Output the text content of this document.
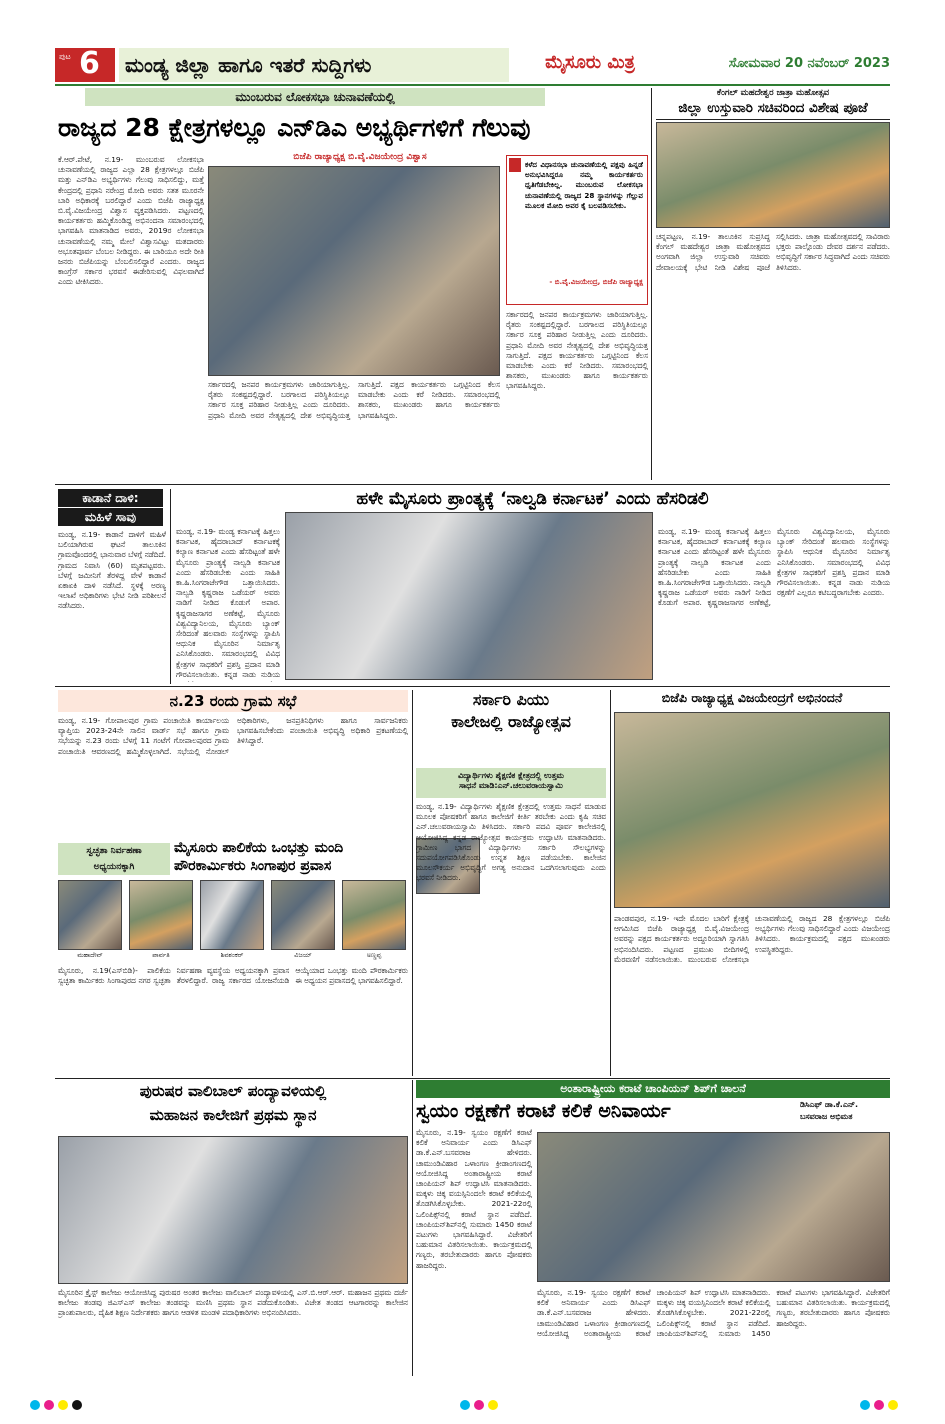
ಪುಟ 6	ಮಂಡ್ಯ ಜಿಲ್ಲಾ ಹಾಗೂ ಇತರೆ ಸುದ್ದಿಗಳು	ಮೈಸೂರು ಮಿತ್ರ	ಸೋಮವಾರ 20 ನವೆಂಬರ್ 2023
ಮುಂಬರುವ ಲೋಕಸಭಾ ಚುನಾವಣೆಯಲ್ಲಿ
ರಾಜ್ಯದ 28 ಕ್ಷೇತ್ರಗಳಲ್ಲೂ ಎನ್‌ಡಿಎ ಅಭ್ಯರ್ಥಿಗಳಿಗೆ ಗೆಲುವು
ಬಿಜೆಪಿ ರಾಜ್ಯಾಧ್ಯಕ್ಷ ಬಿ.ವೈ.ವಿಜಯೇಂದ್ರ ವಿಶ್ವಾಸ
ಕೆ.ಆರ್.ಪೇಟೆ, ನ.19- ಮುಂಬರುವ ಲೋಕಸಭಾ ಚುನಾವಣೆಯಲ್ಲಿ ರಾಜ್ಯದ ಎಲ್ಲಾ 28 ಕ್ಷೇತ್ರಗಳಲ್ಲೂ ಬಿಜೆಪಿ ಮತ್ತು ಎನ್‌ಡಿಎ ಅಭ್ಯರ್ಥಿಗಳು ಗೆಲುವು ಸಾಧಿಸಲಿದ್ದು, ಮತ್ತೆ ಕೇಂದ್ರದಲ್ಲಿ ಪ್ರಧಾನಿ ನರೇಂದ್ರ ಮೋದಿ ಅವರು ಸತತ ಮೂರನೇ ಬಾರಿ ಅಧಿಕಾರಕ್ಕೆ ಬರಲಿದ್ದಾರೆ ಎಂದು ಬಿಜೆಪಿ ರಾಜ್ಯಾಧ್ಯಕ್ಷ ಬಿ.ವೈ.ವಿಜಯೇಂದ್ರ ವಿಶ್ವಾಸ ವ್ಯಕ್ತಪಡಿಸಿದರು. ಪಟ್ಟಣದಲ್ಲಿ ಕಾರ್ಯಕರ್ತರು ಹಮ್ಮಿಕೊಂಡಿದ್ದ ಅಭಿನಂದನಾ ಸಮಾರಂಭದಲ್ಲಿ ಭಾಗವಹಿಸಿ ಮಾತನಾಡಿದ ಅವರು, 2019ರ ಲೋಕಸಭಾ ಚುನಾವಣೆಯಲ್ಲಿ ನಮ್ಮ ಮೇಲೆ ವಿಶ್ವಾಸವಿಟ್ಟು ಮತದಾರರು ಅಭೂತಪೂರ್ವ ಬೆಂಬಲ ನೀಡಿದ್ದರು. ಈ ಬಾರಿಯೂ ಅದೇ ರೀತಿ ಜನರು ಬಿಜೆಪಿಯನ್ನು ಬೆಂಬಲಿಸಲಿದ್ದಾರೆ ಎಂದರು. ರಾಜ್ಯದ ಕಾಂಗ್ರೆಸ್ ಸರ್ಕಾರ ಭರವಸೆ ಈಡೇರಿಸುವಲ್ಲಿ ವಿಫಲವಾಗಿದೆ ಎಂದು ಟೀಕಿಸಿದರು.
ಸರ್ಕಾರದಲ್ಲಿ ಜನಪರ ಕಾರ್ಯಕ್ರಮಗಳು ಜಾರಿಯಾಗುತ್ತಿಲ್ಲ. ರೈತರು ಸಂಕಷ್ಟದಲ್ಲಿದ್ದಾರೆ. ಬರಗಾಲದ ಪರಿಸ್ಥಿತಿಯಲ್ಲೂ ಸರ್ಕಾರ ಸೂಕ್ತ ಪರಿಹಾರ ನೀಡುತ್ತಿಲ್ಲ ಎಂದು ದೂರಿದರು. ಪ್ರಧಾನಿ ಮೋದಿ ಅವರ ನೇತೃತ್ವದಲ್ಲಿ ದೇಶ ಅಭಿವೃದ್ಧಿಯತ್ತ ಸಾಗುತ್ತಿದೆ. ಪಕ್ಷದ ಕಾರ್ಯಕರ್ತರು ಒಗ್ಗಟ್ಟಿನಿಂದ ಕೆಲಸ ಮಾಡಬೇಕು ಎಂದು ಕರೆ ನೀಡಿದರು. ಸಮಾರಂಭದಲ್ಲಿ ಶಾಸಕರು, ಮುಖಂಡರು ಹಾಗೂ ಕಾರ್ಯಕರ್ತರು ಭಾಗವಹಿಸಿದ್ದರು.
ಕಳೆದ ವಿಧಾನಸಭಾ ಚುನಾವಣೆಯಲ್ಲಿ ಪಕ್ಷವು ಹಿನ್ನಡೆ ಅನುಭವಿಸಿದ್ದರೂ ನಮ್ಮ ಕಾರ್ಯಕರ್ತರು ಧೃತಿಗೆಡಬೇಕಿಲ್ಲ. ಮುಂಬರುವ ಲೋಕಸಭಾ ಚುನಾವಣೆಯಲ್ಲಿ ರಾಜ್ಯದ 28 ಸ್ಥಾನಗಳನ್ನು ಗೆಲ್ಲುವ ಮೂಲಕ ಮೋದಿ ಅವರ ಕೈ ಬಲಪಡಿಸಬೇಕು.
- ಬಿ.ವೈ.ವಿಜಯೇಂದ್ರ, ಬಿಜೆಪಿ ರಾಜ್ಯಾಧ್ಯಕ್ಷ
ಸರ್ಕಾರದಲ್ಲಿ ಜನಪರ ಕಾರ್ಯಕ್ರಮಗಳು ಜಾರಿಯಾಗುತ್ತಿಲ್ಲ. ರೈತರು ಸಂಕಷ್ಟದಲ್ಲಿದ್ದಾರೆ. ಬರಗಾಲದ ಪರಿಸ್ಥಿತಿಯಲ್ಲೂ ಸರ್ಕಾರ ಸೂಕ್ತ ಪರಿಹಾರ ನೀಡುತ್ತಿಲ್ಲ ಎಂದು ದೂರಿದರು. ಪ್ರಧಾನಿ ಮೋದಿ ಅವರ ನೇತೃತ್ವದಲ್ಲಿ ದೇಶ ಅಭಿವೃದ್ಧಿಯತ್ತ ಸಾಗುತ್ತಿದೆ. ಪಕ್ಷದ ಕಾರ್ಯಕರ್ತರು ಒಗ್ಗಟ್ಟಿನಿಂದ ಕೆಲಸ ಮಾಡಬೇಕು ಎಂದು ಕರೆ ನೀಡಿದರು. ಸಮಾರಂಭದಲ್ಲಿ ಶಾಸಕರು, ಮುಖಂಡರು ಹಾಗೂ ಕಾರ್ಯಕರ್ತರು ಭಾಗವಹಿಸಿದ್ದರು.
ಕೆಂಗಲ್ ಮಹದೇಶ್ವರ ಜಾತ್ರಾ ಮಹೋತ್ಸವ
ಜಿಲ್ಲಾ ಉಸ್ತುವಾರಿ ಸಚಿವರಿಂದ ವಿಶೇಷ ಪೂಜೆ
ಚನ್ನಪಟ್ಟಣ, ನ.19- ತಾಲೂಕಿನ ಸುಪ್ರಸಿದ್ಧ ಕೆಂಗಲ್ ಮಹದೇಶ್ವರ ಜಾತ್ರಾ ಮಹೋತ್ಸವದ ಅಂಗವಾಗಿ ಜಿಲ್ಲಾ ಉಸ್ತುವಾರಿ ಸಚಿವರು ದೇವಾಲಯಕ್ಕೆ ಭೇಟಿ ನೀಡಿ ವಿಶೇಷ ಪೂಜೆ ಸಲ್ಲಿಸಿದರು. ಜಾತ್ರಾ ಮಹೋತ್ಸವದಲ್ಲಿ ಸಾವಿರಾರು ಭಕ್ತರು ಪಾಲ್ಗೊಂಡು ದೇವರ ದರ್ಶನ ಪಡೆದರು. ಅಭಿವೃದ್ಧಿಗೆ ಸರ್ಕಾರ ಸಿದ್ಧವಾಗಿದೆ ಎಂದು ಸಚಿವರು ತಿಳಿಸಿದರು.
ಕಾಡಾನೆ ದಾಳಿ:
ಮಹಿಳೆ ಸಾವು
ಮಂಡ್ಯ, ನ.19- ಕಾಡಾನೆ ದಾಳಿಗೆ ಮಹಿಳೆ ಬಲಿಯಾಗಿರುವ ಘಟನೆ ತಾಲೂಕಿನ ಗ್ರಾಮವೊಂದರಲ್ಲಿ ಭಾನುವಾರ ಬೆಳಗ್ಗೆ ನಡೆದಿದೆ. ಗ್ರಾಮದ ನಿವಾಸಿ (60) ಮೃತಪಟ್ಟವರು. ಬೆಳಗ್ಗೆ ಜಮೀನಿಗೆ ತೆರಳಿದ್ದ ವೇಳೆ ಕಾಡಾನೆ ಏಕಾಏಕಿ ದಾಳಿ ನಡೆಸಿದೆ. ಸ್ಥಳಕ್ಕೆ ಅರಣ್ಯ ಇಲಾಖೆ ಅಧಿಕಾರಿಗಳು ಭೇಟಿ ನೀಡಿ ಪರಿಶೀಲನೆ ನಡೆಸಿದರು.
ಹಳೇ ಮೈಸೂರು ಪ್ರಾಂತ್ಯಕ್ಕೆ ‘ನಾಲ್ವಡಿ ಕರ್ನಾಟಕ’ ಎಂದು ಹೆಸರಿಡಲಿ
ಮಂಡ್ಯ, ನ.19- ಮಂಡ್ಯ ಕರ್ನಾಟಕ್ಕೆ ಹಿತ್ತಲು ಕರ್ನಾಟಕ, ಹೈದರಾಬಾದ್ ಕರ್ನಾಟಕಕ್ಕೆ ಕಲ್ಯಾಣ ಕರ್ನಾಟಕ ಎಂದು ಹೆಸರಿಟ್ಟಂತೆ ಹಳೇ ಮೈಸೂರು ಪ್ರಾಂತ್ಯಕ್ಕೆ ನಾಲ್ವಡಿ ಕರ್ನಾಟಕ ಎಂದು ಹೆಸರಿಡಬೇಕು ಎಂದು ಸಾಹಿತಿ ಕಾ.ಹಿ.ಸಿಂಗರಾಜೇಗೌಡ ಒತ್ತಾಯಿಸಿದರು. ನಾಲ್ವಡಿ ಕೃಷ್ಣರಾಜ ಒಡೆಯರ್ ಅವರು ನಾಡಿಗೆ ನೀಡಿದ ಕೊಡುಗೆ ಅಪಾರ. ಕೃಷ್ಣರಾಜಸಾಗರ ಅಣೆಕಟ್ಟೆ, ಮೈಸೂರು ವಿಶ್ವವಿದ್ಯಾನಿಲಯ, ಮೈಸೂರು ಬ್ಯಾಂಕ್ ಸೇರಿದಂತೆ ಹಲವಾರು ಸಂಸ್ಥೆಗಳನ್ನು ಸ್ಥಾಪಿಸಿ ಆಧುನಿಕ ಮೈಸೂರಿನ ನಿರ್ಮಾತೃ ಎನಿಸಿಕೊಂಡರು. ಸಮಾರಂಭದಲ್ಲಿ ವಿವಿಧ ಕ್ಷೇತ್ರಗಳ ಸಾಧಕರಿಗೆ ಪ್ರಶಸ್ತಿ ಪ್ರದಾನ ಮಾಡಿ ಗೌರವಿಸಲಾಯಿತು. ಕನ್ನಡ ನಾಡು ನುಡಿಯ
ಮಂಡ್ಯ, ನ.19- ಮಂಡ್ಯ ಕರ್ನಾಟಕ್ಕೆ ಹಿತ್ತಲು ಕರ್ನಾಟಕ, ಹೈದರಾಬಾದ್ ಕರ್ನಾಟಕಕ್ಕೆ ಕಲ್ಯಾಣ ಕರ್ನಾಟಕ ಎಂದು ಹೆಸರಿಟ್ಟಂತೆ ಹಳೇ ಮೈಸೂರು ಪ್ರಾಂತ್ಯಕ್ಕೆ ನಾಲ್ವಡಿ ಕರ್ನಾಟಕ ಎಂದು ಹೆಸರಿಡಬೇಕು ಎಂದು ಸಾಹಿತಿ ಕಾ.ಹಿ.ಸಿಂಗರಾಜೇಗೌಡ ಒತ್ತಾಯಿಸಿದರು. ನಾಲ್ವಡಿ ಕೃಷ್ಣರಾಜ ಒಡೆಯರ್ ಅವರು ನಾಡಿಗೆ ನೀಡಿದ ಕೊಡುಗೆ ಅಪಾರ. ಕೃಷ್ಣರಾಜಸಾಗರ ಅಣೆಕಟ್ಟೆ, ಮೈಸೂರು ವಿಶ್ವವಿದ್ಯಾನಿಲಯ, ಮೈಸೂರು ಬ್ಯಾಂಕ್ ಸೇರಿದಂತೆ ಹಲವಾರು ಸಂಸ್ಥೆಗಳನ್ನು ಸ್ಥಾಪಿಸಿ ಆಧುನಿಕ ಮೈಸೂರಿನ ನಿರ್ಮಾತೃ ಎನಿಸಿಕೊಂಡರು. ಸಮಾರಂಭದಲ್ಲಿ ವಿವಿಧ ಕ್ಷೇತ್ರಗಳ ಸಾಧಕರಿಗೆ ಪ್ರಶಸ್ತಿ ಪ್ರದಾನ ಮಾಡಿ ಗೌರವಿಸಲಾಯಿತು. ಕನ್ನಡ ನಾಡು ನುಡಿಯ ರಕ್ಷಣೆಗೆ ಎಲ್ಲರೂ ಕಟಿಬದ್ಧರಾಗಬೇಕು ಎಂದರು.
ನ.23 ರಂದು ಗ್ರಾಮ ಸಭೆ
ಮಂಡ್ಯ, ನ.19- ಗೋಪಾಲಪುರ ಗ್ರಾಮ ಪಂಚಾಯಿತಿ ಕಾರ್ಯಾಲಯ ವ್ಯಾಪ್ತಿಯ 2023-24ನೇ ಸಾಲಿನ ವಾರ್ಡ್ ಸಭೆ ಹಾಗೂ ಗ್ರಾಮ ಸಭೆಯನ್ನು ನ.23 ರಂದು ಬೆಳಗ್ಗೆ 11 ಗಂಟೆಗೆ ಗೋಪಾಲಪುರದ ಗ್ರಾಮ ಪಂಚಾಯಿತಿ ಆವರಣದಲ್ಲಿ ಹಮ್ಮಿಕೊಳ್ಳಲಾಗಿದೆ. ಸಭೆಯಲ್ಲಿ ನೋಡಲ್ ಅಧಿಕಾರಿಗಳು, ಜನಪ್ರತಿನಿಧಿಗಳು ಹಾಗೂ ಸಾರ್ವಜನಿಕರು ಭಾಗವಹಿಸಬೇಕೆಂದು ಪಂಚಾಯಿತಿ ಅಭಿವೃದ್ಧಿ ಅಧಿಕಾರಿ ಪ್ರಕಟಣೆಯಲ್ಲಿ ತಿಳಿಸಿದ್ದಾರೆ.
ಸ್ವಚ್ಛತಾ ನಿರ್ವಹಣಾ
ಅಧ್ಯಯನಕ್ಕಾಗಿ
ಮೈಸೂರು ಪಾಲಿಕೆಯ ಒಂಭತ್ತು ಮಂದಿ
ಪೌರಕಾರ್ಮಿಕರು ಸಿಂಗಾಪುರ ಪ್ರವಾಸ
ಮಹಾದೇವ್	ಪಾರ್ವತಿ	ಶಿವಶಂಕರ್	ವಿಜಯ್	ಅಣ್ಣಪ್ಪ
ಮೈಸೂರು, ನ.19(ಎಸ್‌ಬಿಡಿ)- ಪಾಲಿಕೆಯ ಸ್ವಚ್ಛತಾ ಕಾರ್ಮಿಕರು ಸಿಂಗಾಪುರದ ನಗರ ಸ್ವಚ್ಛತಾ ನಿರ್ವಹಣಾ ವ್ಯವಸ್ಥೆಯ ಅಧ್ಯಯನಕ್ಕಾಗಿ ಪ್ರವಾಸ ತೆರಳಲಿದ್ದಾರೆ. ರಾಜ್ಯ ಸರ್ಕಾರದ ಯೋಜನೆಯಡಿ ಆಯ್ಕೆಯಾದ ಒಂಭತ್ತು ಮಂದಿ ಪೌರಕಾರ್ಮಿಕರು ಈ ಅಧ್ಯಯನ ಪ್ರವಾಸದಲ್ಲಿ ಭಾಗವಹಿಸಲಿದ್ದಾರೆ.
ಸರ್ಕಾರಿ ಪಿಯು
ಕಾಲೇಜಲ್ಲಿ ರಾಜ್ಯೋತ್ಸವ
ವಿದ್ಯಾರ್ಥಿಗಳು ಶೈಕ್ಷಣಿಕ ಕ್ಷೇತ್ರದಲ್ಲಿ ಉತ್ತಮ
ಸಾಧನೆ ಮಾಡಿ:ಎನ್.ಚಲುವರಾಯಸ್ವಾಮಿ
ಮಂಡ್ಯ, ನ.19- ವಿದ್ಯಾರ್ಥಿಗಳು ಶೈಕ್ಷಣಿಕ ಕ್ಷೇತ್ರದಲ್ಲಿ ಉತ್ತಮ ಸಾಧನೆ ಮಾಡುವ ಮೂಲಕ ಪೋಷಕರಿಗೆ ಹಾಗೂ ಕಾಲೇಜಿಗೆ ಕೀರ್ತಿ ತರಬೇಕು ಎಂದು ಕೃಷಿ ಸಚಿವ ಎನ್.ಚಲುವರಾಯಸ್ವಾಮಿ ತಿಳಿಸಿದರು. ಸರ್ಕಾರಿ ಪದವಿ ಪೂರ್ವ ಕಾಲೇಜಿನಲ್ಲಿ ಆಯೋಜಿಸಿದ್ದ ಕನ್ನಡ ರಾಜ್ಯೋತ್ಸವ ಕಾರ್ಯಕ್ರಮ ಉದ್ಘಾಟಿಸಿ ಮಾತನಾಡಿದರು. ಗ್ರಾಮೀಣ ಭಾಗದ ವಿದ್ಯಾರ್ಥಿಗಳು ಸರ್ಕಾರಿ ಸೌಲಭ್ಯಗಳನ್ನು ಸದುಪಯೋಗಪಡಿಸಿಕೊಂಡು ಉನ್ನತ ಶಿಕ್ಷಣ ಪಡೆಯಬೇಕು. ಕಾಲೇಜಿನ ಮೂಲಸೌಕರ್ಯ ಅಭಿವೃದ್ಧಿಗೆ ಅಗತ್ಯ ಅನುದಾನ ಒದಗಿಸಲಾಗುವುದು ಎಂದು ಭರವಸೆ ನೀಡಿದರು.
ಬಿಜೆಪಿ ರಾಜ್ಯಾಧ್ಯಕ್ಷ ವಿಜಯೇಂದ್ರಗೆ ಅಭಿನಂದನೆ
ಪಾಂಡವಪುರ, ನ.19- ಇದೇ ಮೊದಲ ಬಾರಿಗೆ ಕ್ಷೇತ್ರಕ್ಕೆ ಆಗಮಿಸಿದ ಬಿಜೆಪಿ ರಾಜ್ಯಾಧ್ಯಕ್ಷ ಬಿ.ವೈ.ವಿಜಯೇಂದ್ರ ಅವರನ್ನು ಪಕ್ಷದ ಕಾರ್ಯಕರ್ತರು ಅದ್ದೂರಿಯಾಗಿ ಸ್ವಾಗತಿಸಿ ಅಭಿನಂದಿಸಿದರು. ಪಟ್ಟಣದ ಪ್ರಮುಖ ಬೀದಿಗಳಲ್ಲಿ ಮೆರವಣಿಗೆ ನಡೆಸಲಾಯಿತು. ಮುಂಬರುವ ಲೋಕಸಭಾ ಚುನಾವಣೆಯಲ್ಲಿ ರಾಜ್ಯದ 28 ಕ್ಷೇತ್ರಗಳಲ್ಲೂ ಬಿಜೆಪಿ ಅಭ್ಯರ್ಥಿಗಳು ಗೆಲುವು ಸಾಧಿಸಲಿದ್ದಾರೆ ಎಂದು ವಿಜಯೇಂದ್ರ ತಿಳಿಸಿದರು. ಕಾರ್ಯಕ್ರಮದಲ್ಲಿ ಪಕ್ಷದ ಮುಖಂಡರು ಉಪಸ್ಥಿತರಿದ್ದರು.
ಪುರುಷರ ವಾಲಿಬಾಲ್ ಪಂದ್ಯಾವಳಿಯಲ್ಲಿ
ಮಹಾಜನ ಕಾಲೇಜಿಗೆ ಪ್ರಥಮ ಸ್ಥಾನ
ಮೈಸೂರಿನ ಕ್ರೈಸ್ಟ್ ಕಾಲೇಜು ಆಯೋಜಿಸಿದ್ದ ಪುರುಷರ ಅಂತರ ಕಾಲೇಜು ವಾಲಿಬಾಲ್ ಪಂದ್ಯಾವಳಿಯಲ್ಲಿ ಎಸ್.ಬಿ.ಆರ್.ಆರ್. ಮಹಾಜನ ಪ್ರಥಮ ದರ್ಜೆ ಕಾಲೇಜು ತಂಡವು ಜಿಎಸ್‌ಎಸ್ ಕಾಲೇಜು ತಂಡವನ್ನು ಮಣಿಸಿ ಪ್ರಥಮ ಸ್ಥಾನ ಪಡೆದುಕೊಂಡಿತು. ವಿಜೇತ ತಂಡದ ಆಟಗಾರರನ್ನು ಕಾಲೇಜಿನ ಪ್ರಾಂಶುಪಾಲರು, ದೈಹಿಕ ಶಿಕ್ಷಣ ನಿರ್ದೇಶಕರು ಹಾಗೂ ಆಡಳಿತ ಮಂಡಳಿ ಪದಾಧಿಕಾರಿಗಳು ಅಭಿನಂದಿಸಿದರು.
ಅಂತಾರಾಷ್ಟ್ರೀಯ ಕರಾಟೆ ಚಾಂಪಿಯನ್ ಶಿಪ್‌ಗೆ ಚಾಲನೆ
ಸ್ವಯಂ ರಕ್ಷಣೆಗೆ ಕರಾಟೆ ಕಲಿಕೆ ಅನಿವಾರ್ಯ	ಡಿಸಿಎಫ್ ಡಾ.ಕೆ.ಎನ್.
ಬಸವರಾಜ ಅಭಿಮತ
ಮೈಸೂರು, ನ.19- ಸ್ವಯಂ ರಕ್ಷಣೆಗೆ ಕರಾಟೆ ಕಲಿಕೆ ಅನಿವಾರ್ಯ ಎಂದು ಡಿಸಿಎಫ್ ಡಾ.ಕೆ.ಎನ್.ಬಸವರಾಜ ಹೇಳಿದರು. ಚಾಮುಂಡಿವಿಹಾರ ಒಳಾಂಗಣ ಕ್ರೀಡಾಂಗಣದಲ್ಲಿ ಆಯೋಜಿಸಿದ್ದ ಅಂತಾರಾಷ್ಟ್ರೀಯ ಕರಾಟೆ ಚಾಂಪಿಯನ್ ಶಿಪ್ ಉದ್ಘಾಟಿಸಿ ಮಾತನಾಡಿದರು. ಮಕ್ಕಳು ಚಿಕ್ಕ ವಯಸ್ಸಿನಿಂದಲೇ ಕರಾಟೆ ಕಲಿಕೆಯಲ್ಲಿ ತೊಡಗಿಸಿಕೊಳ್ಳಬೇಕು. 2021-22ರಲ್ಲಿ ಒಲಿಂಪಿಕ್ಸ್‌ನಲ್ಲಿ ಕರಾಟೆ ಸ್ಥಾನ ಪಡೆದಿದೆ. ಚಾಂಪಿಯನ್‌ಶಿಪ್‌ನಲ್ಲಿ ಸುಮಾರು 1450 ಕರಾಟೆ ಪಟುಗಳು ಭಾಗವಹಿಸಿದ್ದಾರೆ. ವಿಜೇತರಿಗೆ ಬಹುಮಾನ ವಿತರಿಸಲಾಯಿತು. ಕಾರ್ಯಕ್ರಮದಲ್ಲಿ ಗಣ್ಯರು, ತರಬೇತುದಾರರು ಹಾಗೂ ಪೋಷಕರು ಹಾಜರಿದ್ದರು.
ಮೈಸೂರು, ನ.19- ಸ್ವಯಂ ರಕ್ಷಣೆಗೆ ಕರಾಟೆ ಕಲಿಕೆ ಅನಿವಾರ್ಯ ಎಂದು ಡಿಸಿಎಫ್ ಡಾ.ಕೆ.ಎನ್.ಬಸವರಾಜ ಹೇಳಿದರು. ಚಾಮುಂಡಿವಿಹಾರ ಒಳಾಂಗಣ ಕ್ರೀಡಾಂಗಣದಲ್ಲಿ ಆಯೋಜಿಸಿದ್ದ ಅಂತಾರಾಷ್ಟ್ರೀಯ ಕರಾಟೆ ಚಾಂಪಿಯನ್ ಶಿಪ್ ಉದ್ಘಾಟಿಸಿ ಮಾತನಾಡಿದರು. ಮಕ್ಕಳು ಚಿಕ್ಕ ವಯಸ್ಸಿನಿಂದಲೇ ಕರಾಟೆ ಕಲಿಕೆಯಲ್ಲಿ ತೊಡಗಿಸಿಕೊಳ್ಳಬೇಕು. 2021-22ರಲ್ಲಿ ಒಲಿಂಪಿಕ್ಸ್‌ನಲ್ಲಿ ಕರಾಟೆ ಸ್ಥಾನ ಪಡೆದಿದೆ. ಚಾಂಪಿಯನ್‌ಶಿಪ್‌ನಲ್ಲಿ ಸುಮಾರು 1450 ಕರಾಟೆ ಪಟುಗಳು ಭಾಗವಹಿಸಿದ್ದಾರೆ. ವಿಜೇತರಿಗೆ ಬಹುಮಾನ ವಿತರಿಸಲಾಯಿತು. ಕಾರ್ಯಕ್ರಮದಲ್ಲಿ ಗಣ್ಯರು, ತರಬೇತುದಾರರು ಹಾಗೂ ಪೋಷಕರು ಹಾಜರಿದ್ದರು.
